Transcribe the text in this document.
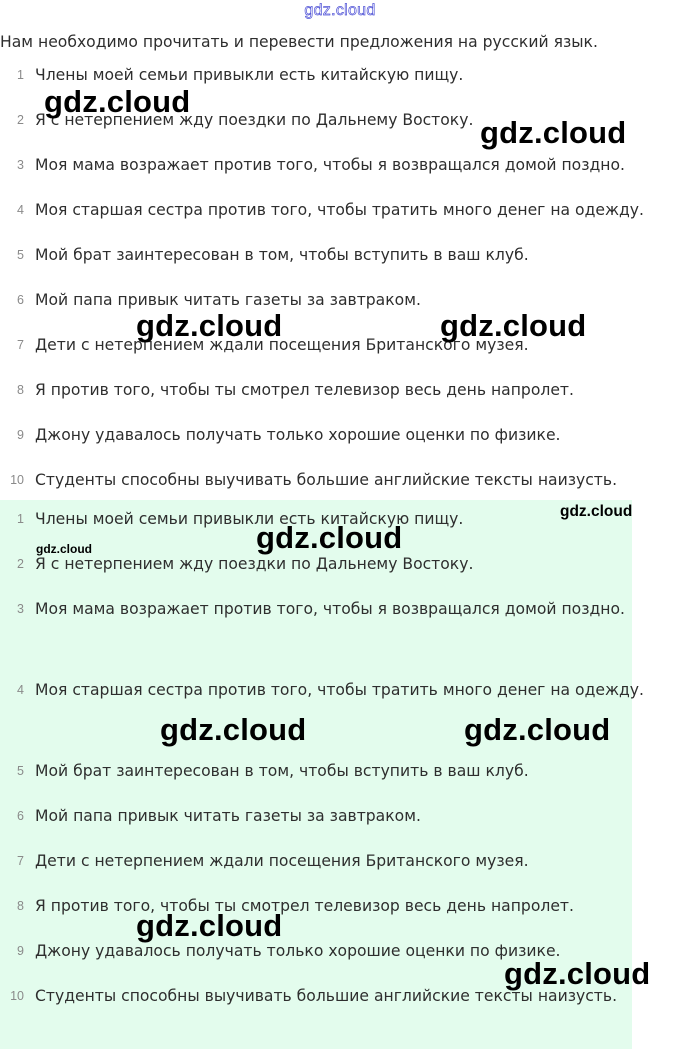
gdz.cloud
Нам необходимо прочитать и перевести предложения на русский язык.
1 Члены моей семьи привыкли есть китайскую пищу.
2 Я с нетерпением жду поездки по Дальнему Востоку.
3 Моя мама возражает против того, чтобы я возвращался домой поздно.
4 Моя старшая сестра против того, чтобы тратить много денег на одежду.
5 Мой брат заинтересован в том, чтобы вступить в ваш клуб.
6 Мой папа привык читать газеты за завтраком.
7 Дети с нетерпением ждали посещения Британского музея.
8 Я против того, чтобы ты смотрел телевизор весь день напролет.
9 Джону удавалось получать только хорошие оценки по физике.
10 Студенты способны выучивать большие английские тексты наизусть.
1 Члены моей семьи привыкли есть китайскую пищу.
2 Я с нетерпением жду поездки по Дальнему Востоку.
3 Моя мама возражает против того, чтобы я возвращался домой поздно.
4 Моя старшая сестра против того, чтобы тратить много денег на одежду.
5 Мой брат заинтересован в том, чтобы вступить в ваш клуб.
6 Мой папа привык читать газеты за завтраком.
7 Дети с нетерпением ждали посещения Британского музея.
8 Я против того, чтобы ты смотрел телевизор весь день напролет.
9 Джону удавалось получать только хорошие оценки по физике.
10 Студенты способны выучивать большие английские тексты наизусть.
gdz.cloud
gdz.cloud
gdz.cloud	gdz.cloud
gdz.cloud
gdz.cloud	gdz.cloud
gdz.cloud	gdz.cloud
gdz.cloud
gdz.cloud
